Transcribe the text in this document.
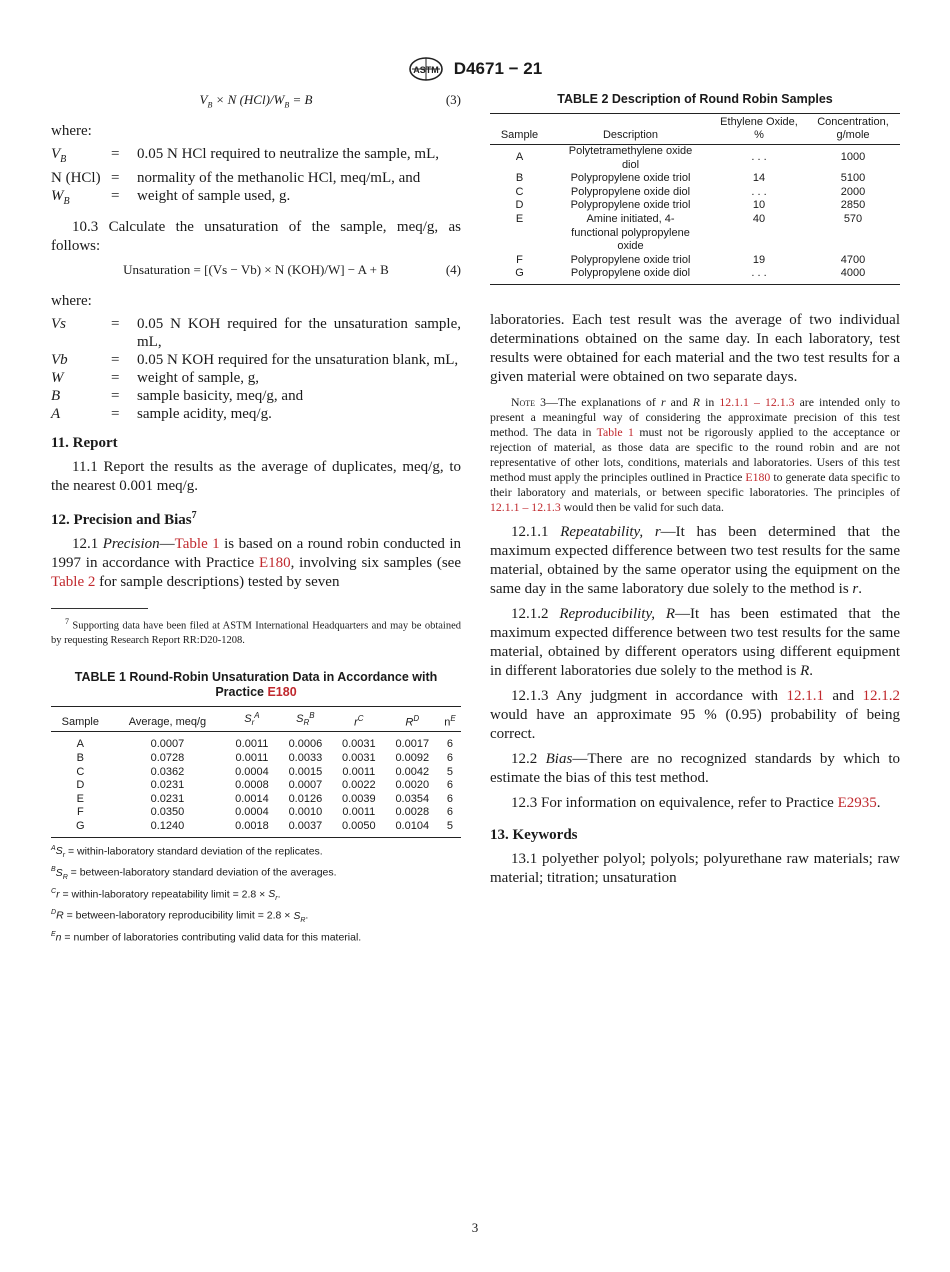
ASTM D4671 − 21
$V_B \times N$ $(HCl)/W_B = B$	(3)

where:

$V_B$	=	0.05 N HCl required to neutralize the sample, mL,
N (HCl) =	normality of the methanolic HCl, meq/mL, and
$W_B$	=	weight of sample used, g.

10.3 Calculate the unsaturation of the sample, meq/g, as follows:

Unsaturation = [(Vs − Vb) × N (KOH)/W] − A + B	(4)

where:

Vs	=	0.05 N KOH required for the unsaturation sample, mL,
Vb	=	0.05 N KOH required for the unsaturation blank, mL,
W	=	weight of sample, g,
B	=	sample basicity, meq/g, and
A	=	sample acidity, meq/g.
11. Report

11.1 Report the results as the average of duplicates, meq/g, to the nearest 0.001 meq/g.

12. Precision and Bias$^7$

12.1 Precision—Table 1 is based on a round robin conducted in 1997 in accordance with Practice E180, involving six samples (see Table 2 for sample descriptions) tested by seven

$^7$ Supporting data have been filed at ASTM International Headquarters and may be obtained by requesting Research Report RR:D20-1208.

TABLE 1 Round-Robin Unsaturation Data in Accordance with Practice E180
Sample	Average, meq/g	$S_r^A$	$S_R^B$	$r^C$	$R^D$	$n^E$
A	0.0007	0.0011	0.0006	0.0031	0.0017	6
B	0.0728	0.0011	0.0033	0.0031	0.0092	6
C	0.0362	0.0004	0.0015	0.0011	0.0042	5
D	0.0231	0.0008	0.0007	0.0022	0.0020	6
E	0.0231	0.0014	0.0126	0.0039	0.0354	6
F	0.0350	0.0004	0.0010	0.0011	0.0028	6
G	0.1240	0.0018	0.0037	0.0050	0.0104	5
$^AS_r$ = within-laboratory standard deviation of the replicates.
$^BS_R$ = between-laboratory standard deviation of the averages.
$^C$r = within-laboratory repeatability limit = $2.8 \times S_r$.
$^D$R = between-laboratory reproducibility limit = $2.8 \times S_R$.
$^E$n = number of laboratories contributing valid data for this material.
TABLE 2 Description of Round Robin Samples
Sample	Description	Ethylene Oxide, %	Concentration, g/mole
A	Polytetramethylene oxide diol	. . .	1000
B	Polypropylene oxide triol	14	5100
C	Polypropylene oxide diol	. . .	2000
D	Polypropylene oxide triol	10	2850
E	Amine initiated, 4-functional polypropylene oxide	40	570
F	Polypropylene oxide triol	19	4700
G	Polypropylene oxide diol	. . .	4000

laboratories. Each test result was the average of two individual determinations obtained on the same day. In each laboratory, test results were obtained for each material and the two test results for a given material were obtained on two separate days.

Note 3—The explanations of r and R in 12.1.1 – 12.1.3 are intended only to present a meaningful way of considering the approximate precision of this test method. The data in Table 1 must not be rigorously applied to the acceptance or rejection of material, as those data are specific to the round robin and are not representative of other lots, conditions, materials and laboratories. Users of this test method must apply the principles outlined in Practice E180 to generate data specific to their laboratory and materials, or between specific laboratories. The principles of 12.1.1 – 12.1.3 would then be valid for such data.

12.1.1 Repeatability, r—It has been determined that the maximum expected difference between two test results for the same material, obtained by the same operator using the equipment on the same day in the same laboratory due solely to the method is r.

12.1.2 Reproducibility, R—It has been estimated that the maximum expected difference between two test results for the same material, obtained by different operators using different equipment in different laboratories due solely to the method is R.

12.1.3 Any judgment in accordance with 12.1.1 and 12.1.2 would have an approximate 95 % (0.95) probability of being correct.

12.2 Bias—There are no recognized standards by which to estimate the bias of this test method.

12.3 For information on equivalence, refer to Practice E2935.

13. Keywords

13.1 polyether polyol; polyols; polyurethane raw materials; raw material; titration; unsaturation

3
